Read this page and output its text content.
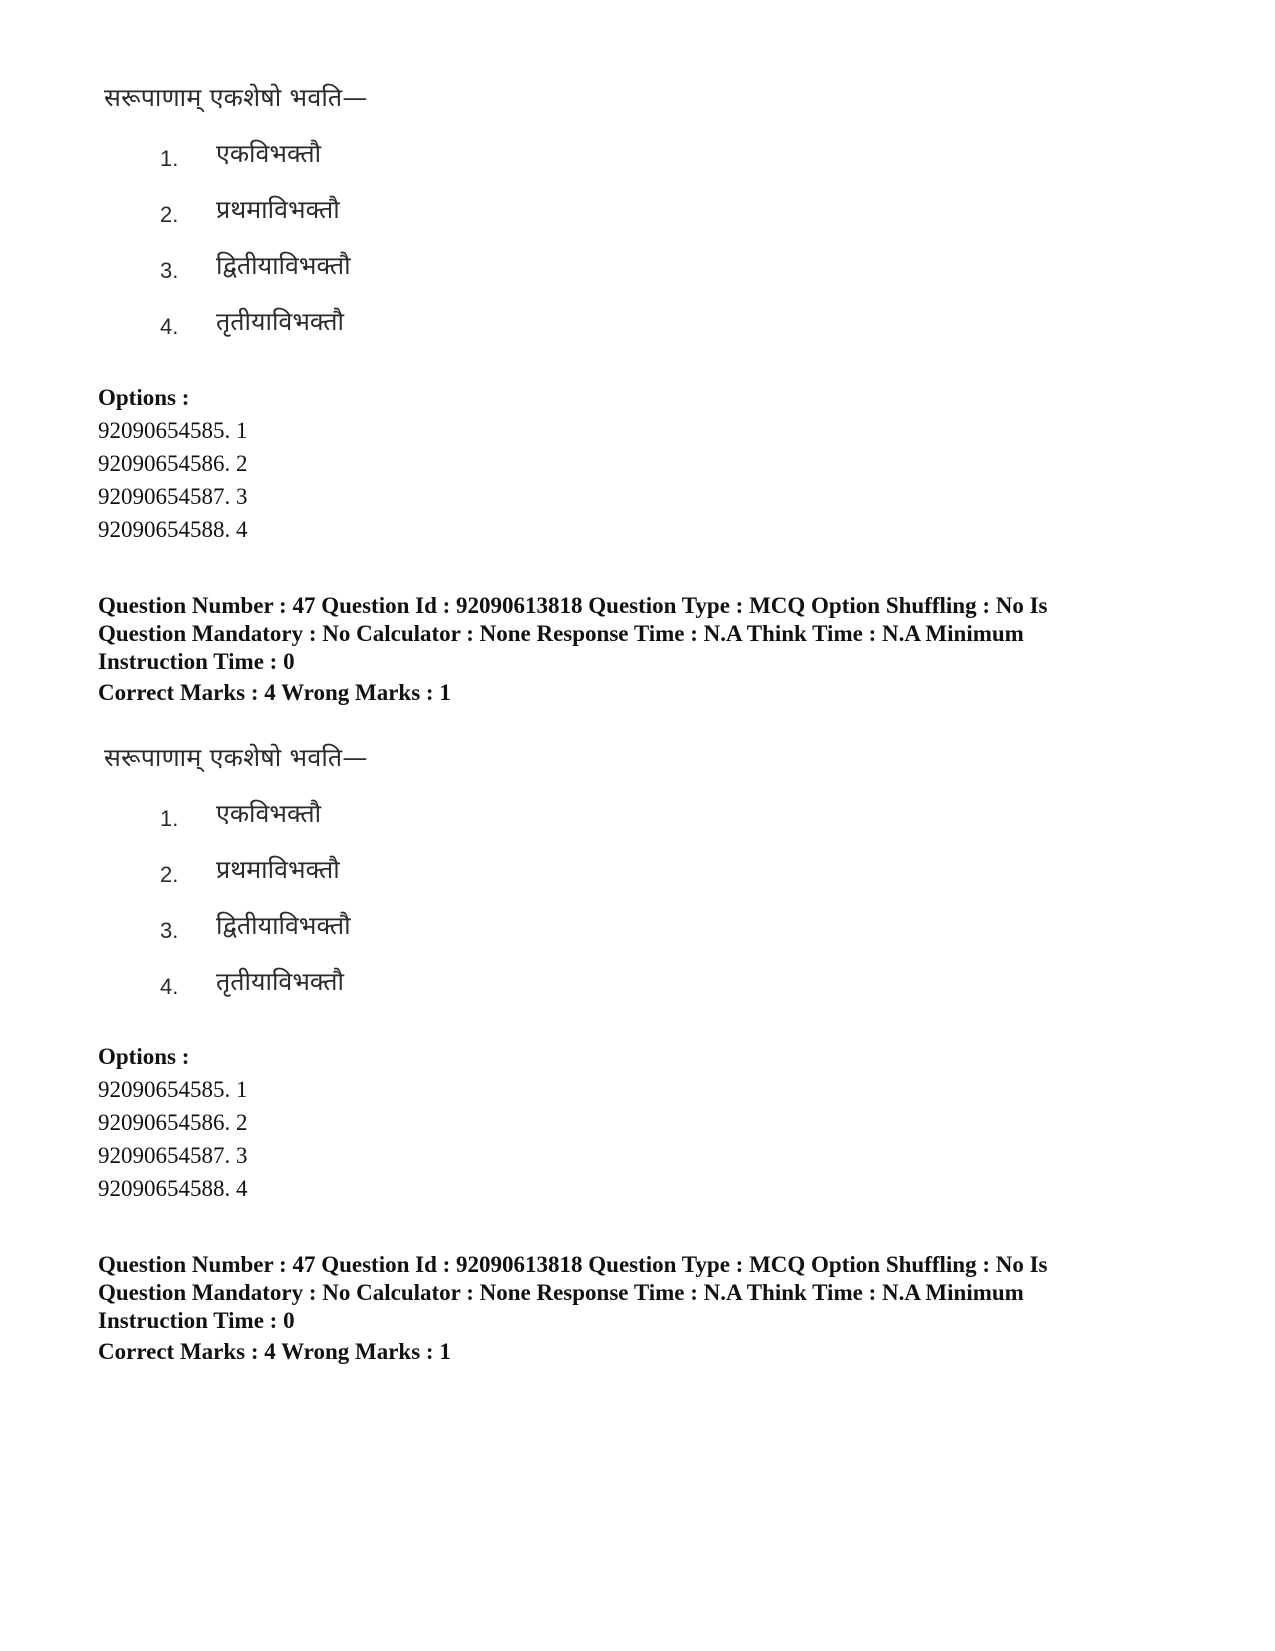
सरूपाणाम् एकशेषो भवति—
1. एकविभक्तौ
2. प्रथमाविभक्तौ
3. द्वितीयाविभक्तौ
4. तृतीयाविभक्तौ
Options :
92090654585. 1
92090654586. 2
92090654587. 3
92090654588. 4
Question Number : 47 Question Id : 92090613818 Question Type : MCQ Option Shuffling : No Is
Question Mandatory : No Calculator : None Response Time : N.A Think Time : N.A Minimum
Instruction Time : 0
Correct Marks : 4 Wrong Marks : 1
सरूपाणाम् एकशेषो भवति—
1. एकविभक्तौ
2. प्रथमाविभक्तौ
3. द्वितीयाविभक्तौ
4. तृतीयाविभक्तौ
Options :
92090654585. 1
92090654586. 2
92090654587. 3
92090654588. 4
Question Number : 47 Question Id : 92090613818 Question Type : MCQ Option Shuffling : No Is
Question Mandatory : No Calculator : None Response Time : N.A Think Time : N.A Minimum
Instruction Time : 0
Correct Marks : 4 Wrong Marks : 1
